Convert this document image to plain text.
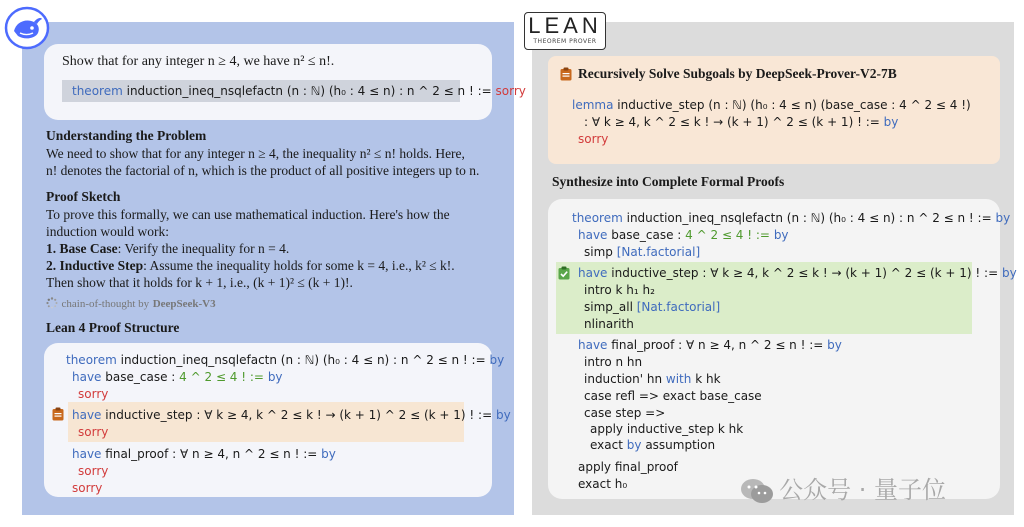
Show that for any integer n ≥ 4, we have n² ≤ n!.
theorem induction_ineq_nsqlefactn (n : ℕ) (h₀ : 4 ≤ n) : n ^ 2 ≤ n ! := sorry
Understanding the Problem
We need to show that for any integer n ≥ 4, the inequality n² ≤ n! holds. Here,
n! denotes the factorial of n, which is the product of all positive integers up to n.
Proof Sketch
To prove this formally, we can use mathematical induction. Here's how the
induction would work:
1. Base Case: Verify the inequality for n = 4.
2. Inductive Step: Assume the inequality holds for some k = 4, i.e., k² ≤ k!.
Then show that it holds for k + 1, i.e., (k + 1)² ≤ (k + 1)!.
chain-of-thought by DeepSeek-V3
Lean 4 Proof Structure
theorem induction_ineq_nsqlefactn (n : ℕ) (h₀ : 4 ≤ n) : n ^ 2 ≤ n ! := by
have base_case : 4 ^ 2 ≤ 4 ! := by
sorry
have inductive_step : ∀ k ≥ 4, k ^ 2 ≤ k ! → (k + 1) ^ 2 ≤ (k + 1) ! := by
sorry
have final_proof : ∀ n ≥ 4, n ^ 2 ≤ n ! := by
sorry
sorry
LEAN
THEOREM PROVER
Recursively Solve Subgoals by DeepSeek-Prover-V2-7B
lemma inductive_step (n : ℕ) (h₀ : 4 ≤ n) (base_case : 4 ^ 2 ≤ 4 !)
: ∀ k ≥ 4, k ^ 2 ≤ k ! → (k + 1) ^ 2 ≤ (k + 1) ! := by
sorry
Synthesize into Complete Formal Proofs
theorem induction_ineq_nsqlefactn (n : ℕ) (h₀ : 4 ≤ n) : n ^ 2 ≤ n ! := by
have base_case : 4 ^ 2 ≤ 4 ! := by
simp [Nat.factorial]
have inductive_step : ∀ k ≥ 4, k ^ 2 ≤ k ! → (k + 1) ^ 2 ≤ (k + 1) ! := by
intro k h₁ h₂
simp_all [Nat.factorial]
nlinarith
have final_proof : ∀ n ≥ 4, n ^ 2 ≤ n ! := by
intro n hn
induction' hn with k hk
case refl => exact base_case
case step =>
apply inductive_step k hk
exact by assumption
apply final_proof
exact h₀	公众号 · 量子位
